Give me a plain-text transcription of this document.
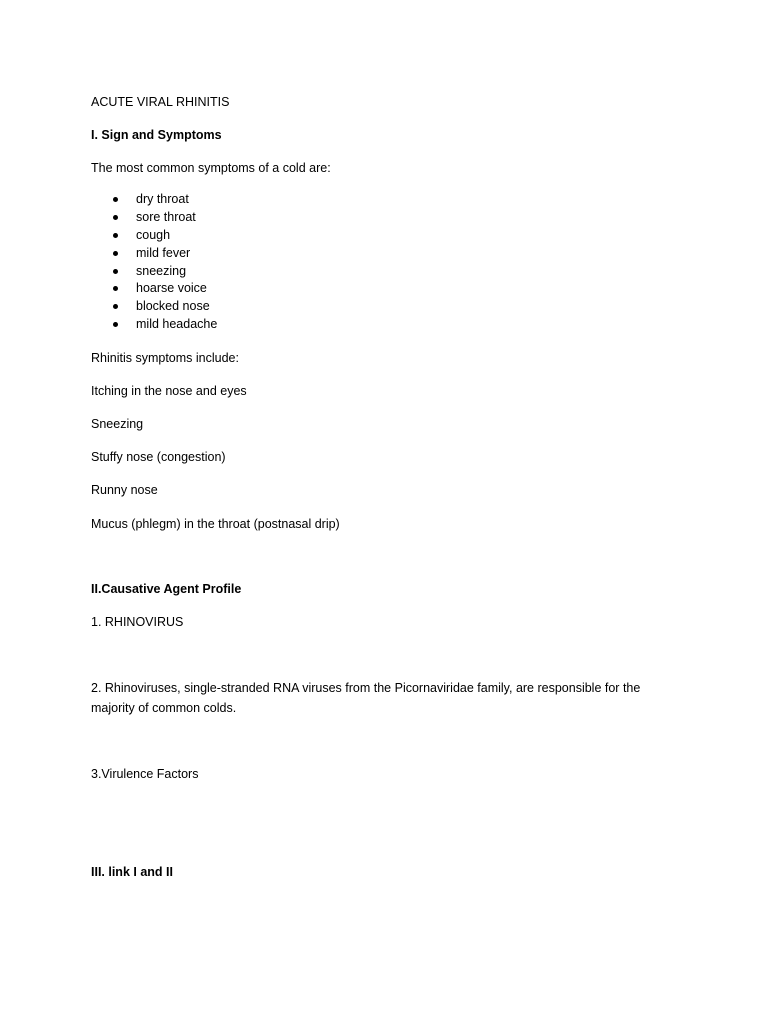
ACUTE VIRAL RHINITIS

I. Sign and Symptoms

The most common symptoms of a cold are:

dry throat
sore throat
cough
mild fever
sneezing
hoarse voice
blocked nose
mild headache

Rhinitis symptoms include:

Itching in the nose and eyes

Sneezing

Stuffy nose (congestion)

Runny nose

Mucus (phlegm) in the throat (postnasal drip)

II.Causative Agent Profile

1. RHINOVIRUS

2. Rhinoviruses, single-stranded RNA viruses from the Picornaviridae family, are responsible for the majority of common colds.

3.Virulence Factors

III. link I and II
